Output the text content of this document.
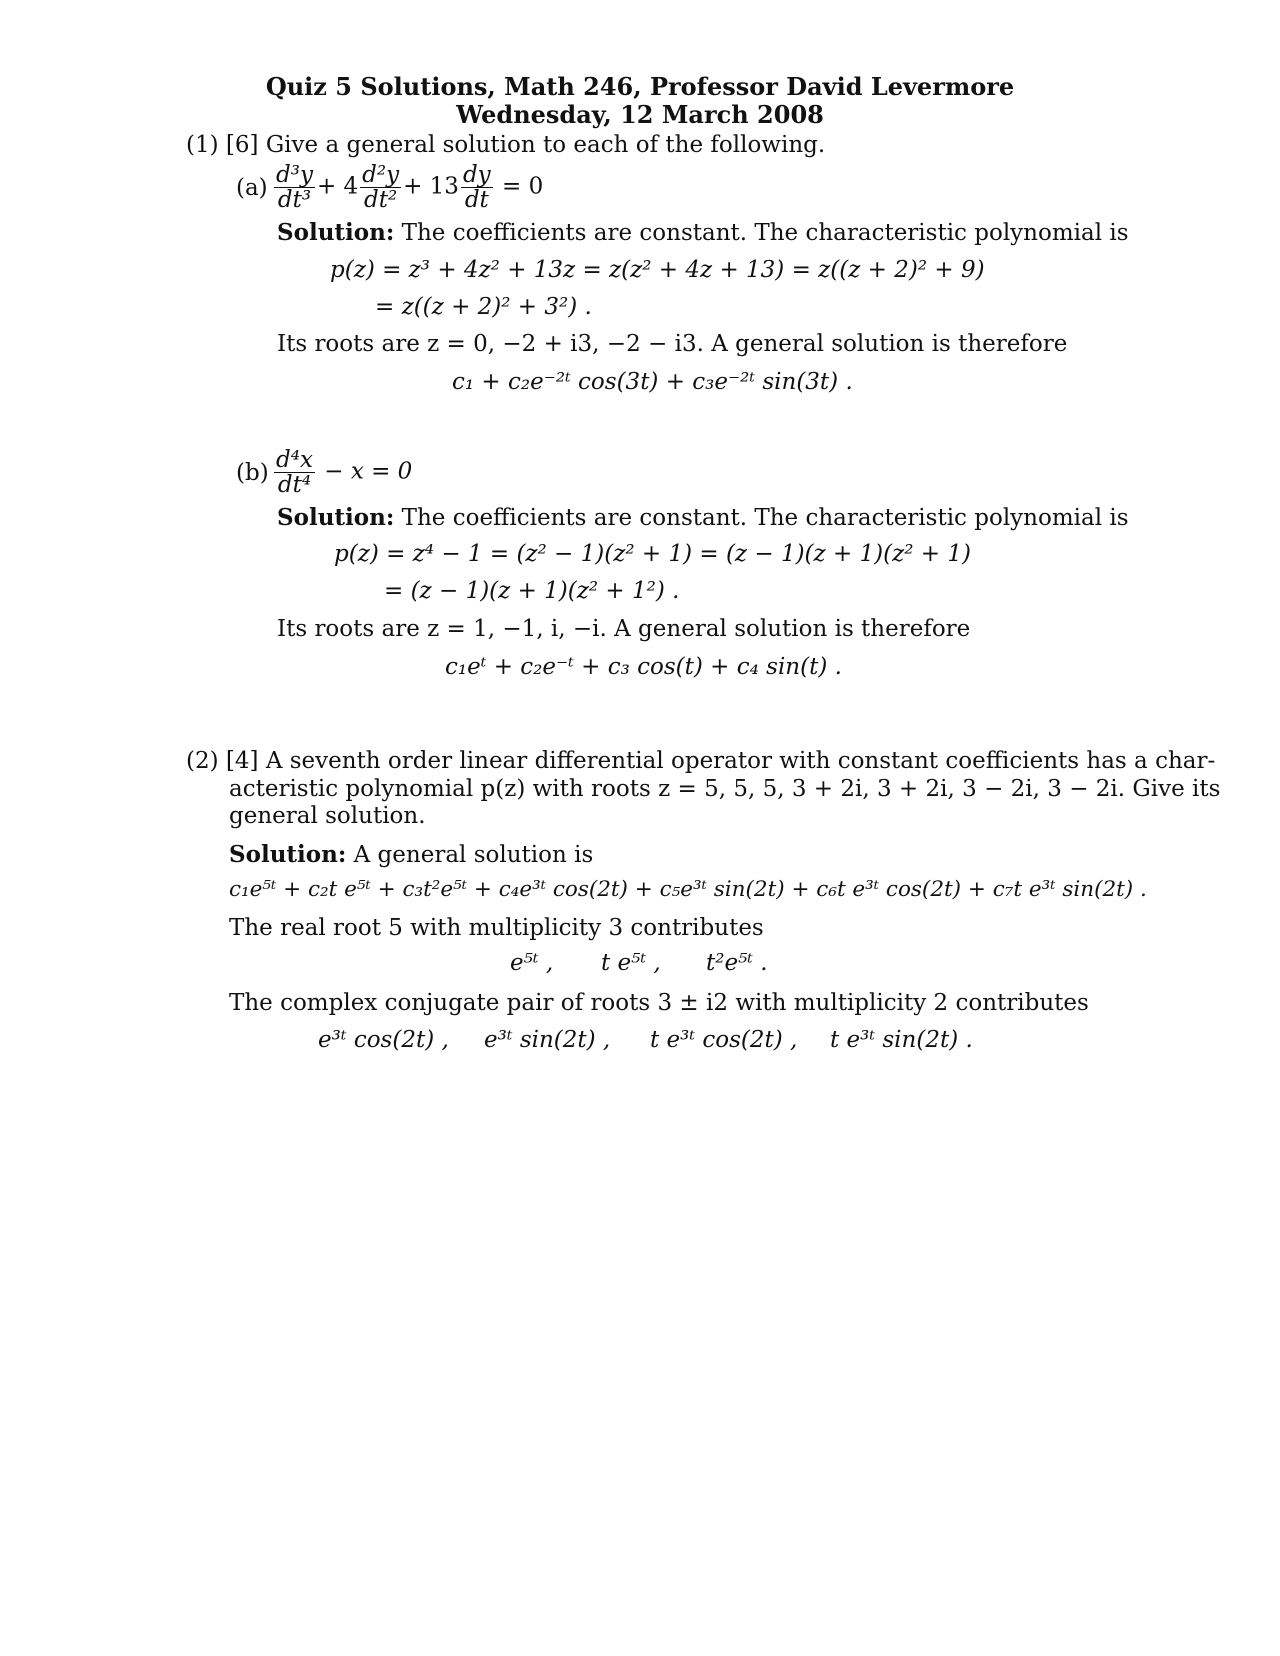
Quiz 5 Solutions, Math 246, Professor David Levermore
Wednesday, 12 March 2008
(1) [6] Give a general solution to each of the following.
$(a) \frac{\text{d³y}}{\text{dt³}} + 4 \frac{\text{d²y}}{\text{dt²}} + 13 \frac{dy}{dt} = 0$
Solution: The coefficients are constant. The characteristic polynomial is
p(z) = z³ + 4z² + 13z = z(z² + 4z + 13) = z((z + 2)² + 9)
= z((z + 2)² + 3²) .
Its roots are z = 0, −2 + i3, −2 − i3. A general solution is therefore
c₁ + c₂e⁻²ᵗ cos(3t) + c₃e⁻²ᵗ sin(3t) .
$(b) \frac{\text{d⁴x}}{\text{dt⁴}} - x = 0$
Solution: The coefficients are constant. The characteristic polynomial is
p(z) = z⁴ − 1 = (z² − 1)(z² + 1) = (z − 1)(z + 1)(z² + 1)
= (z − 1)(z + 1)(z² + 1²) .
Its roots are z = 1, −1, i, −i. A general solution is therefore
c₁eᵗ + c₂e⁻ᵗ + c₃ cos(t) + c₄ sin(t) .
(2) [4] A seventh order linear differential operator with constant coefficients has a char-
acteristic polynomial p(z) with roots z = 5, 5, 5, 3 + 2i, 3 + 2i, 3 − 2i, 3 − 2i. Give its
general solution.
Solution: A general solution is
c₁e⁵ᵗ + c₂t e⁵ᵗ + c₃t²e⁵ᵗ + c₄e³ᵗ cos(2t) + c₅e³ᵗ sin(2t) + c₆t e³ᵗ cos(2t) + c₇t e³ᵗ sin(2t) .
The real root 5 with multiplicity 3 contributes
e⁵ᵗ , t e⁵ᵗ , t²e⁵ᵗ .
The complex conjugate pair of roots 3 ± i2 with multiplicity 2 contributes
e³ᵗ cos(2t) , e³ᵗ sin(2t) , t e³ᵗ cos(2t) , t e³ᵗ sin(2t) .
